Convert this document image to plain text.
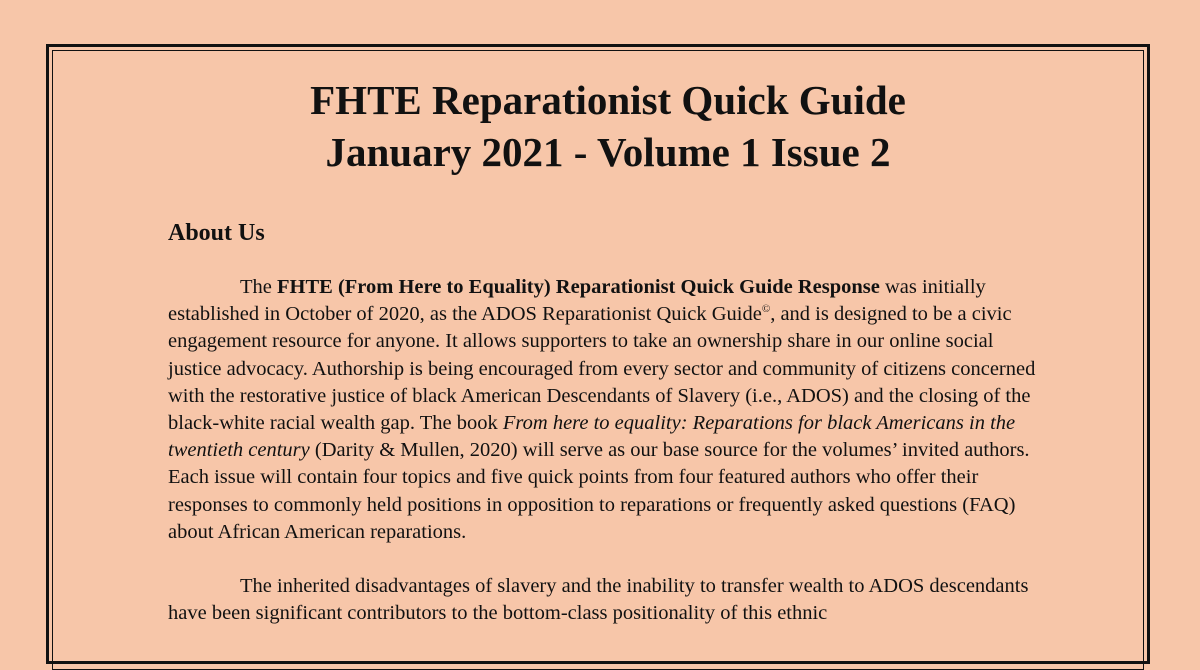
FHTE Reparationist Quick Guide
January 2021 - Volume 1 Issue 2
About Us

The FHTE (From Here to Equality) Reparationist Quick Guide Response was initially established in October of 2020, as the ADOS Reparationist Quick Guide©, and is designed to be a civic engagement resource for anyone. It allows supporters to take an ownership share in our online social justice advocacy. Authorship is being encouraged from every sector and community of citizens concerned with the restorative justice of black American Descendants of Slavery (i.e., ADOS) and the closing of the black-white racial wealth gap. The book From here to equality: Reparations for black Americans in the twentieth century (Darity & Mullen, 2020) will serve as our base source for the volumes’ invited authors. Each issue will contain four topics and five quick points from four featured authors who offer their responses to commonly held positions in opposition to reparations or frequently asked questions (FAQ) about African American reparations.

The inherited disadvantages of slavery and the inability to transfer wealth to ADOS descendants have been significant contributors to the bottom-class positionality of this ethnic
